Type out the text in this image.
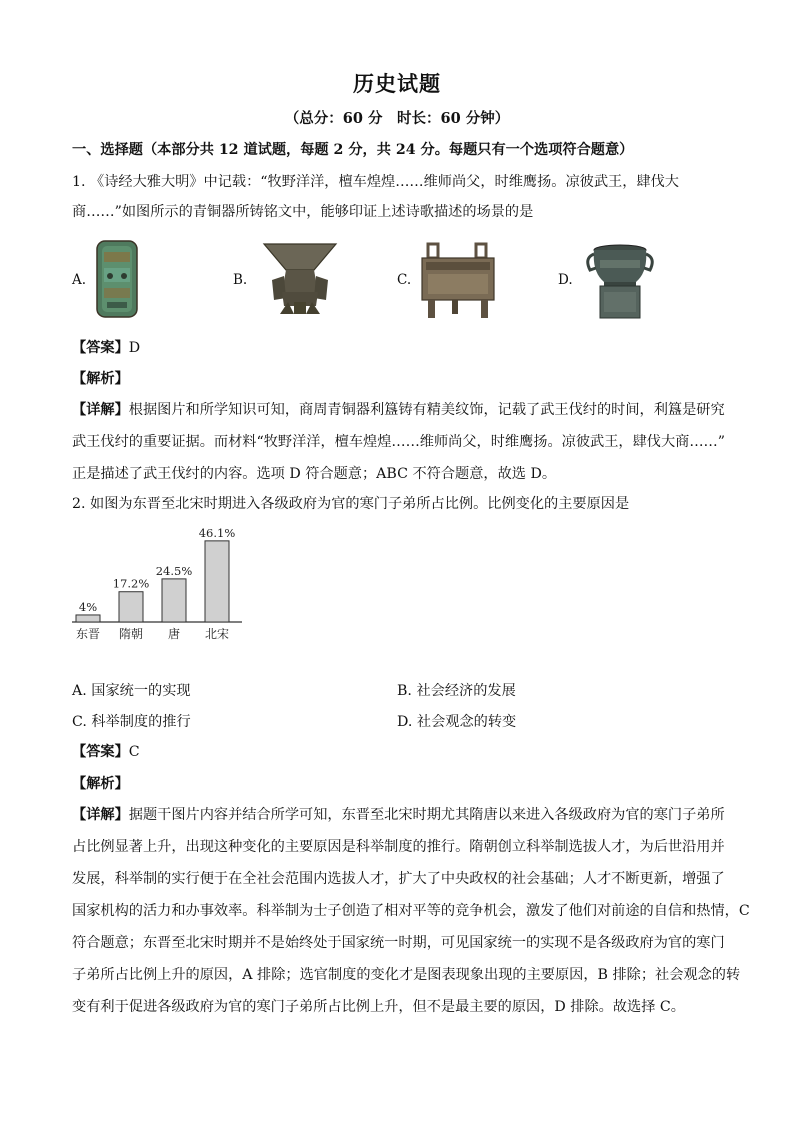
历史试题
（总分：60 分　时长：60 分钟）
一、选择题（本部分共 12 道试题，每题 2 分，共 24 分。每题只有一个选项符合题意）
1. 《诗经大雅大明》中记载：“牧野洋洋，檀车煌煌……维师尚父，时维鹰扬。凉彼武王，肆伐大
商……”如图所示的青铜器所铸铭文中，能够印证上述诗歌描述的场景的是
A.	B.	C.	D.
【答案】D
【解析】
【详解】根据图片和所学知识可知，商周青铜器利簋铸有精美纹饰，记载了武王伐纣的时间，利簋是研究
武王伐纣的重要证据。而材料“牧野洋洋，檀车煌煌……维师尚父，时维鹰扬。凉彼武王，肆伐大商……”
正是描述了武王伐纣的内容。选项 D 符合题意；ABC 不符合题意，故选 D。
2. 如图为东晋至北宋时期进入各级政府为官的寒门子弟所占比例。比例变化的主要原因是
4%
东晋
17.2%
隋朝
24.5%
唐
46.1%
北宋
A. 国家统一的实现	B. 社会经济的发展
C. 科举制度的推行	D. 社会观念的转变
【答案】C
【解析】
【详解】据题干图片内容并结合所学可知，东晋至北宋时期尤其隋唐以来进入各级政府为官的寒门子弟所
占比例显著上升，出现这种变化的主要原因是科举制度的推行。隋朝创立科举制选拔人才，为后世沿用并
发展，科举制的实行便于在全社会范围内选拔人才，扩大了中央政权的社会基础；人才不断更新，增强了
国家机构的活力和办事效率。科举制为士子创造了相对平等的竞争机会，激发了他们对前途的自信和热情，C
符合题意；东晋至北宋时期并不是始终处于国家统一时期，可见国家统一的实现不是各级政府为官的寒门
子弟所占比例上升的原因，A 排除；选官制度的变化才是图表现象出现的主要原因，B 排除；社会观念的转
变有利于促进各级政府为官的寒门子弟所占比例上升，但不是最主要的原因，D 排除。故选择 C。
